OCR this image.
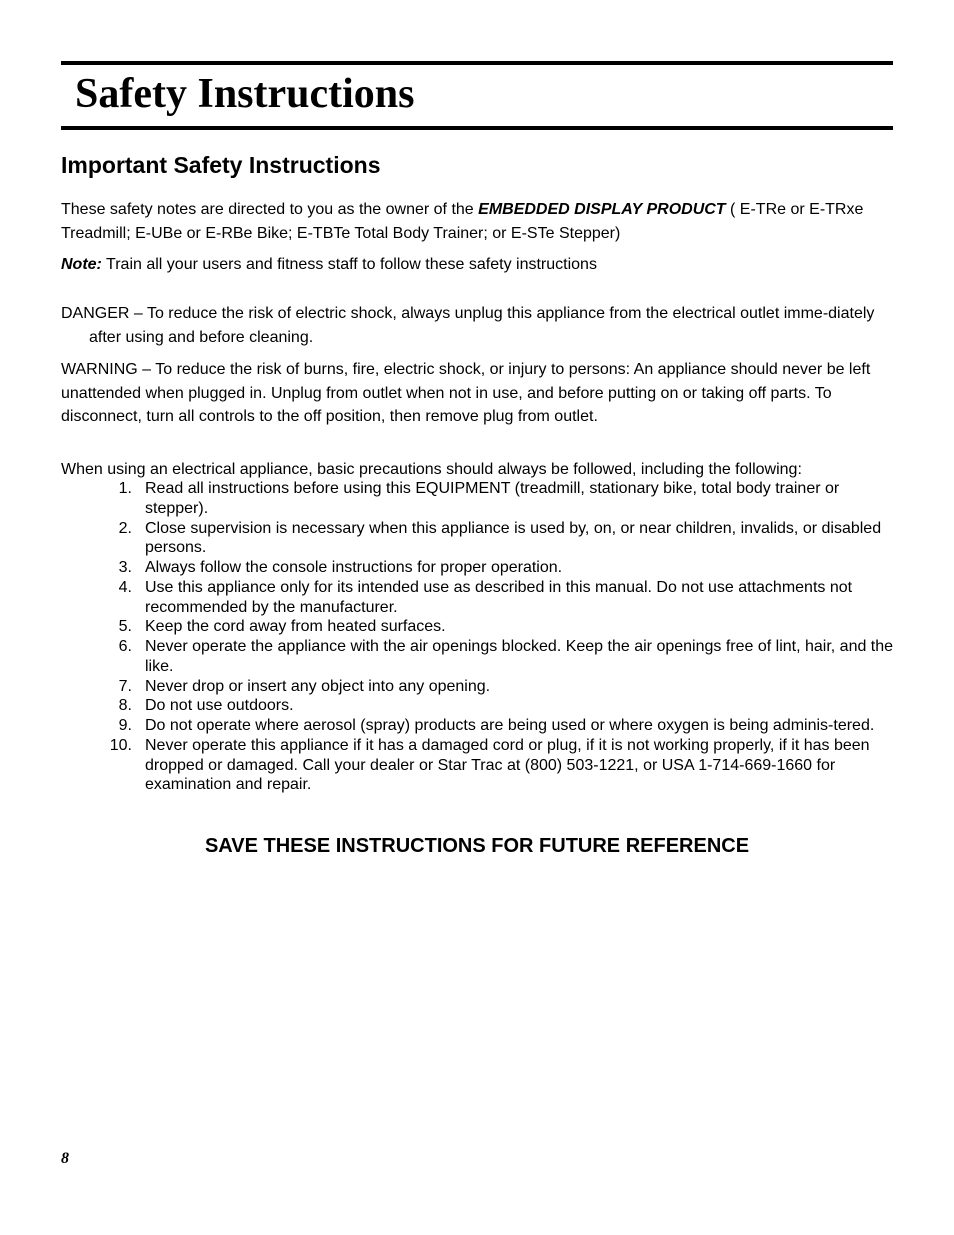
Safety Instructions
Important Safety Instructions

These safety notes are directed to you as the owner of the EMBEDDED DISPLAY PRODUCT ( E-TRe or E-TRxe Treadmill; E-UBe or E-RBe Bike; E-TBTe Total Body Trainer; or E-STe Stepper)

Note: Train all your users and fitness staff to follow these safety instructions

DANGER – To reduce the risk of electric shock, always unplug this appliance from the electrical outlet imme-diately after using and before cleaning.

WARNING – To reduce the risk of burns, fire, electric shock, or injury to persons: An appliance should never be left unattended when plugged in. Unplug from outlet when not in use, and before putting on or taking off parts. To disconnect, turn all controls to the off position, then remove plug from outlet.

When using an electrical appliance, basic precautions should always be followed, including the following:

1. Read all instructions before using this EQUIPMENT (treadmill, stationary bike, total body trainer or stepper).
2. Close supervision is necessary when this appliance is used by, on, or near children, invalids, or disabled persons.
3. Always follow the console instructions for proper operation.
4. Use this appliance only for its intended use as described in this manual. Do not use attachments not recommended by the manufacturer.
5. Keep the cord away from heated surfaces.
6. Never operate the appliance with the air openings blocked. Keep the air openings free of lint, hair, and the like.
7. Never drop or insert any object into any opening.
8. Do not use outdoors.
9. Do not operate where aerosol (spray) products are being used or where oxygen is being adminis-tered.
10. Never operate this appliance if it has a damaged cord or plug, if it is not working properly, if it has been dropped or damaged. Call your dealer or Star Trac at (800) 503-1221, or USA 1-714-669-1660 for examination and repair.

SAVE THESE INSTRUCTIONS FOR FUTURE REFERENCE

8
